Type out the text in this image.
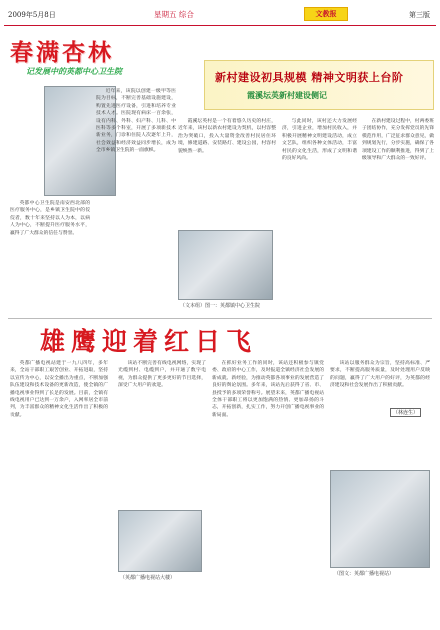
2009年5月8日	星期五 综合	文教报	第三版
春满杏林
记发展中的英都中心卫生院

英都中心卫生院是南安西北部的医疗服务中心，是乡镇卫生院中的佼佼者，数十年来坚持以人为本，以病人为中心，不断提升医疗服务水平，赢得了广大群众的信任与赞誉。

近年来，该院以创建一级甲等医院为目标，不断完善基础设施建设，购置先进医疗设备，引进和培养专业技术人才。医院现有病床一百余张，设有内科、外科、妇产科、儿科、中医科等多个科室，开展了多项新技术新业务，门诊和住院人次逐年上升，社会效益和经济效益同步增长，成为全市乡镇卫生院的一面旗帜。

新村建设初具规模 精神文明获上台阶
霞溪坛英新村建设侧记

霞溪坛英村是一个有着悠久历史的村庄，近年来，该村以新农村建设为契机，以村容整治为突破口，投入大量资金改善村民居住环境，修建道路、安装路灯、建设公园，村容村貌焕然一新。

与此同时，该村还大力发展经济，引进企业，增加村民收入，并积极开展精神文明建设活动，成立文艺队，组织各种文体活动，丰富村民的文化生活，形成了文明和谐的良好风尚。

在新村建设过程中，村两委班子团结协作，充分发挥党员的先锋模范作用，广泛征求群众意见，做到规划先行，分步实施，确保了各项建设工作的顺利推进，得到了上级领导和广大群众的一致好评。

（文本组）图一：英都镇中心卫生院
雄鹰迎着红日飞

英都广播电视站建于一九八四年，多年来，全站干部职工艰苦创业、开拓进取，坚持以宣传为中心，以安全播出为重点，不断加强队伍建设和技术设备的更新改造，使全镇的广播电视事业得到了长足的发展。目前，全镇有线电视用户已达到一万余户，入网率居全市前列，为丰富群众的精神文化生活作出了积极的贡献。

该站不断完善有线电视网络，实现了光缆到村、电缆到户，并开通了数字电视，为群众提供了更多更好的节目选择，深受广大用户的欢迎。

在抓好业务工作的同时，该站还积极参与镇党委、政府的中心工作，及时报道全镇经济社会发展的新成就、新经验，为推动英都各项事业的发展营造了良好的舆论氛围。多年来，该站先后获得了省、市、县授予的多项荣誉称号。展望未来，英都广播电视站全体干部职工将以更加饱满的热情、更加昂扬的斗志，开拓创新，扎实工作，努力开创广播电视事业的新局面。

该站以服务群众为宗旨，坚持高标准、严要求，不断提高服务质量，及时处理用户反映的问题，赢得了广大用户的好评，为英都的经济建设和社会发展作出了积极贡献。

（英都广播电视站大楼）
（图文：英都广播电视站）
（林连生）
